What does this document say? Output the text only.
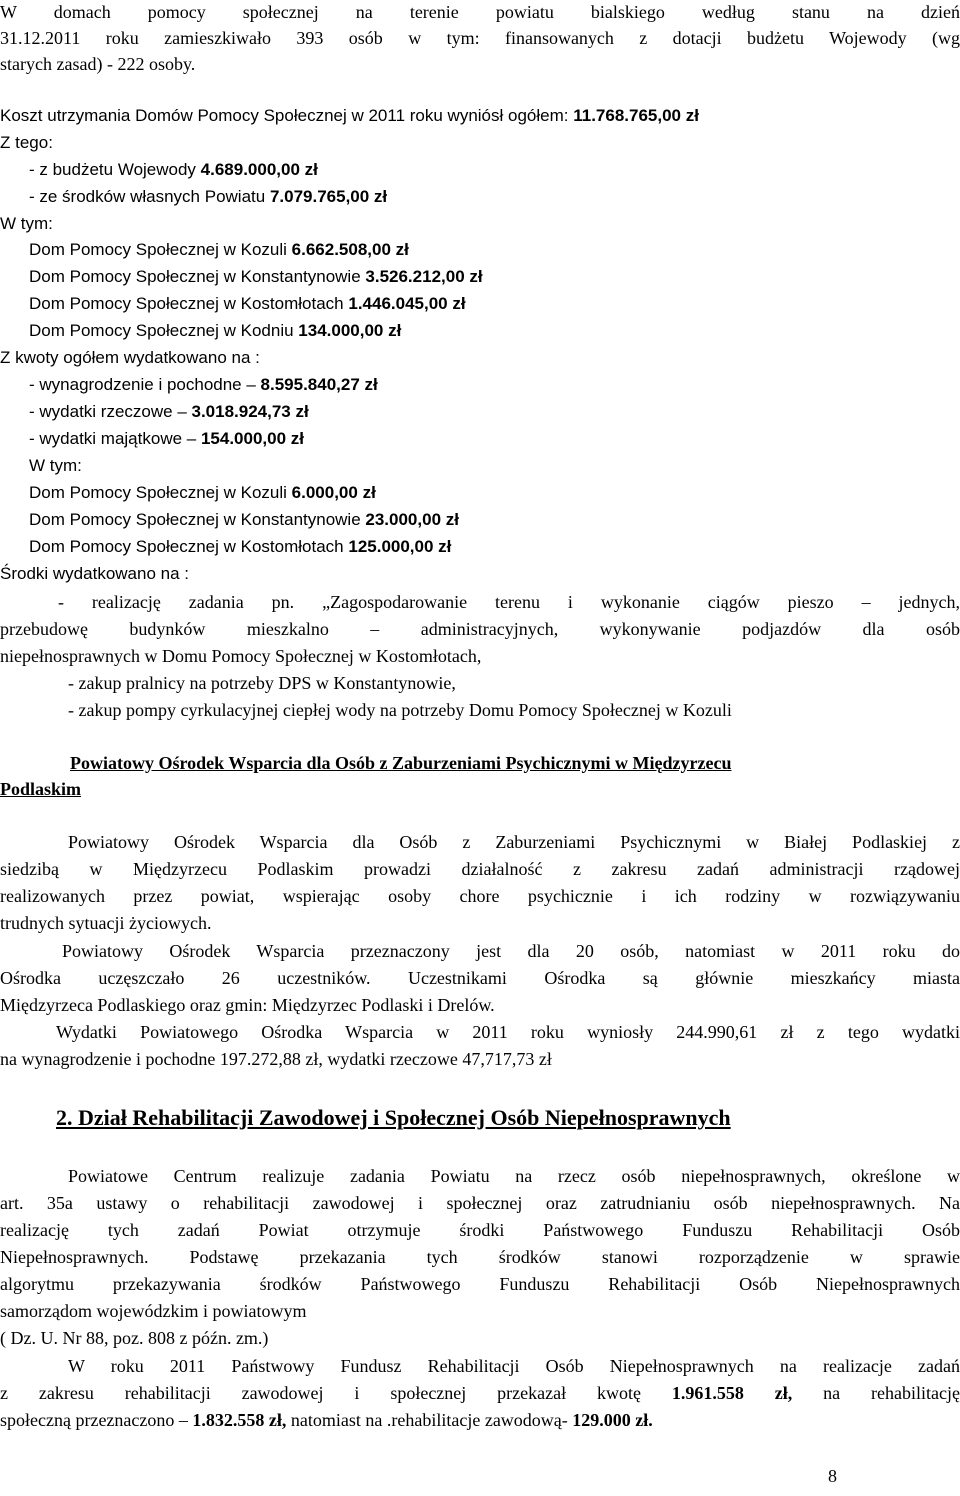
W domach pomocy społecznej na terenie powiatu bialskiego według stanu na dzień
31.12.2011 roku zamieszkiwało 393 osób w tym: finansowanych z dotacji budżetu Wojewody (wg
starych zasad) - 222 osoby.
Koszt utrzymania Domów Pomocy Społecznej w 2011 roku wyniósł ogółem: 11.768.765,00 zł
Z tego:
- z budżetu Wojewody 4.689.000,00 zł
- ze środków własnych Powiatu 7.079.765,00 zł
W tym:
Dom Pomocy Społecznej w Kozuli 6.662.508,00 zł
Dom Pomocy Społecznej w Konstantynowie 3.526.212,00 zł
Dom Pomocy Społecznej w Kostomłotach 1.446.045,00 zł
Dom Pomocy Społecznej w Kodniu 134.000,00 zł
Z kwoty ogółem wydatkowano na :
- wynagrodzenie i pochodne – 8.595.840,27 zł
- wydatki rzeczowe – 3.018.924,73 zł
- wydatki majątkowe – 154.000,00 zł
W tym:
Dom Pomocy Społecznej w Kozuli 6.000,00 zł
Dom Pomocy Społecznej w Konstantynowie 23.000,00 zł
Dom Pomocy Społecznej w Kostomłotach 125.000,00 zł
Środki wydatkowano na :
- realizację zadania pn. „Zagospodarowanie terenu i wykonanie ciągów pieszo – jednych,
przebudowę budynków mieszkalno – administracyjnych, wykonywanie podjazdów dla osób
niepełnosprawnych w Domu Pomocy Społecznej w Kostomłotach,
- zakup pralnicy na potrzeby DPS w Konstantynowie,
- zakup pompy cyrkulacyjnej ciepłej wody na potrzeby Domu Pomocy Społecznej w Kozuli
Powiatowy Ośrodek Wsparcia dla Osób z Zaburzeniami Psychicznymi w Międzyrzecu
Podlaskim
Powiatowy Ośrodek Wsparcia dla Osób z Zaburzeniami Psychicznymi w Białej Podlaskiej z
siedzibą w Międzyrzecu Podlaskim prowadzi działalność z zakresu zadań administracji rządowej
realizowanych przez powiat, wspierając osoby chore psychicznie i ich rodziny w rozwiązywaniu
trudnych sytuacji życiowych.
Powiatowy Ośrodek Wsparcia przeznaczony jest dla 20 osób, natomiast w 2011 roku do
Ośrodka uczęszczało 26 uczestników. Uczestnikami Ośrodka są głównie mieszkańcy miasta
Międzyrzeca Podlaskiego oraz gmin: Międzyrzec Podlaski i Drelów.
Wydatki Powiatowego Ośrodka Wsparcia w 2011 roku wyniosły 244.990,61 zł z tego wydatki
na wynagrodzenie i pochodne 197.272,88 zł, wydatki rzeczowe 47,717,73 zł
2. Dział Rehabilitacji Zawodowej i Społecznej Osób Niepełnosprawnych
Powiatowe Centrum realizuje zadania Powiatu na rzecz osób niepełnosprawnych, określone w
art. 35a ustawy o rehabilitacji zawodowej i społecznej oraz zatrudnianiu osób niepełnosprawnych. Na
realizację tych zadań Powiat otrzymuje środki Państwowego Funduszu Rehabilitacji Osób
Niepełnosprawnych. Podstawę przekazania tych środków stanowi rozporządzenie w sprawie
algorytmu przekazywania środków Państwowego Funduszu Rehabilitacji Osób Niepełnosprawnych
samorządom wojewódzkim i powiatowym
( Dz. U. Nr 88, poz. 808 z późn. zm.)
W roku 2011 Państwowy Fundusz Rehabilitacji Osób Niepełnosprawnych na realizacje zadań
z zakresu rehabilitacji zawodowej i społecznej przekazał kwotę 1.961.558 zł, na rehabilitację
społeczną przeznaczono – 1.832.558 zł, natomiast na .rehabilitacje zawodową- 129.000 zł.
8
